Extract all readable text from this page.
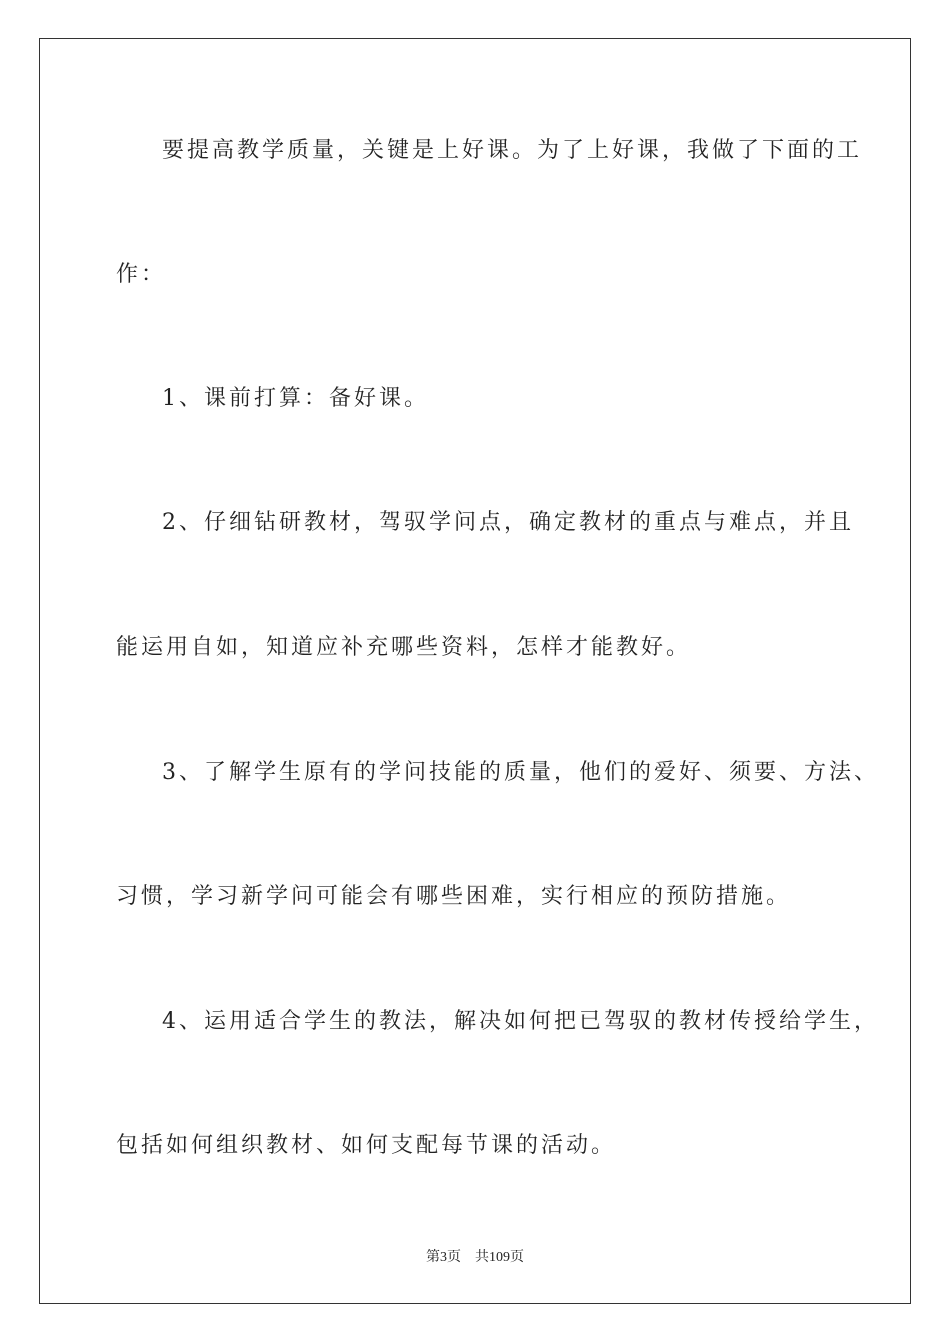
要提高教学质量，关键是上好课。为了上好课，我做了下面的工
作：
1、课前打算：备好课。
2、仔细钻研教材，驾驭学问点，确定教材的重点与难点，并且
能运用自如，知道应补充哪些资料，怎样才能教好。
3、了解学生原有的学问技能的质量，他们的爱好、须要、方法、
习惯，学习新学问可能会有哪些困难，实行相应的预防措施。
4、运用适合学生的教法，解决如何把已驾驭的教材传授给学生，
包括如何组织教材、如何支配每节课的活动。
第3页 共109页
